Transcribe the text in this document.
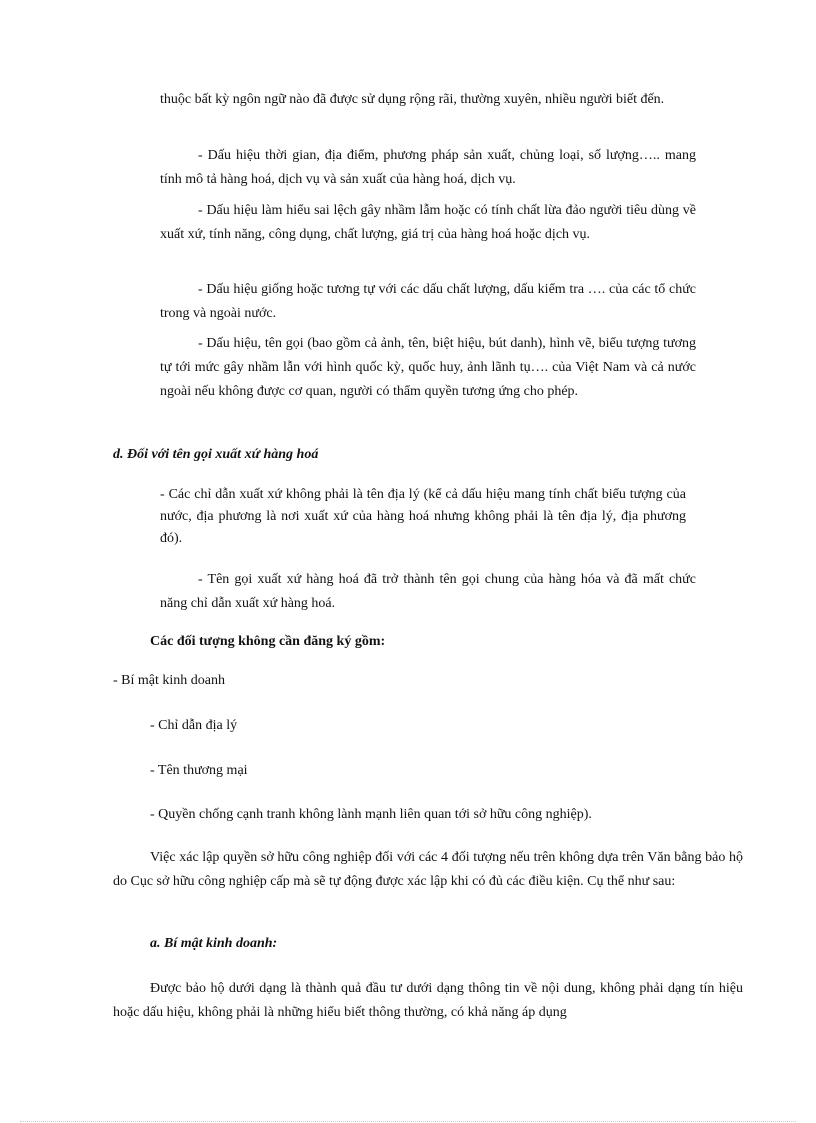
thuộc bất kỳ ngôn ngữ nào đã được sử dụng rộng rãi, thường xuyên, nhiều người biết đến.

- Dấu hiệu thời gian, địa điểm, phương pháp sản xuất, chủng loại, số lượng….. mang tính mô tả hàng hoá, dịch vụ và sản xuất của hàng hoá, dịch vụ.

- Dấu hiệu làm hiểu sai lệch gây nhầm lẫm hoặc có tính chất lừa đảo người tiêu dùng về xuất xứ, tính năng, công dụng, chất lượng, giá trị của hàng hoá hoặc dịch vụ.

- Dấu hiệu giống hoặc tương tự với các dấu chất lượng, dấu kiểm tra …. của các tổ chức trong và ngoài nước.

- Dấu hiệu, tên gọi (bao gồm cả ảnh, tên, biệt hiệu, bút danh), hình vẽ, biểu tượng tương tự tới mức gây nhầm lẫn với hình quốc kỳ, quốc huy, ảnh lãnh tụ…. của Việt Nam và cả nước ngoài nếu không được cơ quan, người có thẩm quyền tương ứng cho phép.

d. Đối với tên gọi xuất xứ hàng hoá

- Các chỉ dẫn xuất xứ không phải là tên địa lý (kể cả dấu hiệu mang tính chất biểu tượng của nước, địa phương là nơi xuất xứ của hàng hoá nhưng không phải là tên địa lý, địa phương đó).

- Tên gọi xuất xứ hàng hoá đã trở thành tên gọi chung của hàng hóa và đã mất chức năng chỉ dẫn xuất xứ hàng hoá.

Các đối tượng không cần đăng ký gồm:

- Bí mật kinh doanh

- Chỉ dẫn địa lý

- Tên thương mại

- Quyền chống cạnh tranh không lành mạnh liên quan tới sở hữu công nghiệp).

Việc xác lập quyền sở hữu công nghiệp đối với các 4 đối tượng nếu trên không dựa trên Văn bằng bảo hộ do Cục sở hữu công nghiệp cấp mà sẽ tự động được xác lập khi có đủ các điều kiện. Cụ thể như sau:

a. Bí mật kinh doanh:

Được bảo hộ dưới dạng là thành quả đầu tư dưới dạng thông tin về nội dung, không phải dạng tín hiệu hoặc dấu hiệu, không phải là những hiểu biết thông thường, có khả năng áp dụng
